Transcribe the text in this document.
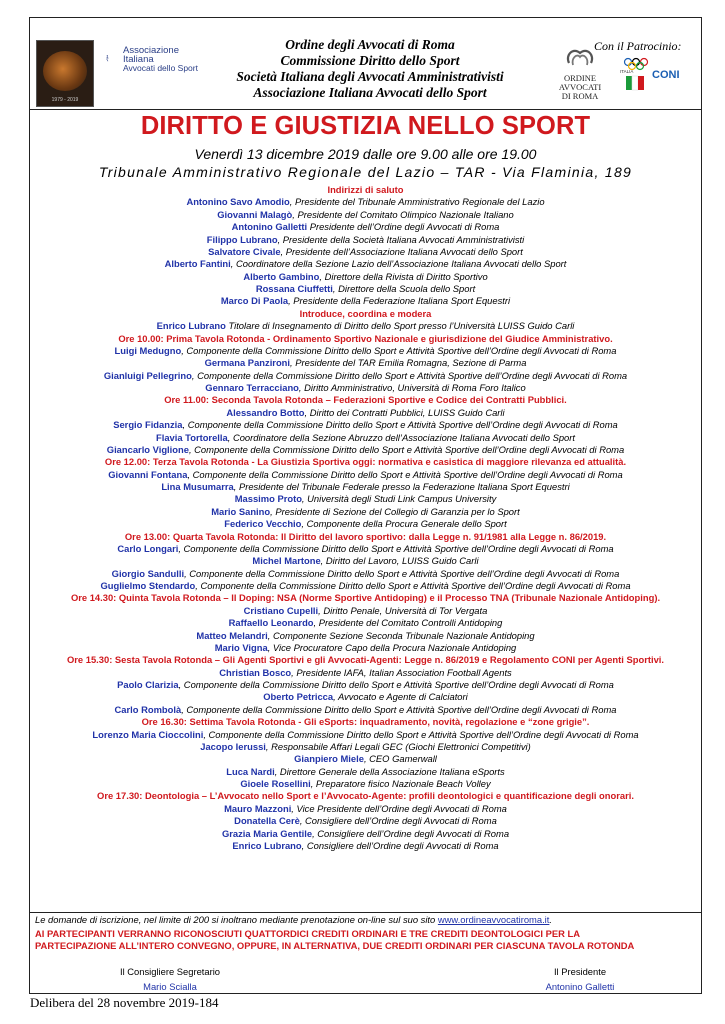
1979 - 2019
Associazione
Italiana
Avvocati dello Sport
Ordine degli Avvocati di Roma
Commissione Diritto dello Sport
Società Italiana degli Avvocati Amministrativisti
Associazione Italiana Avvocati dello Sport
Con il Patrocinio:
ORDINE
AVVOCATI
DI ROMA
ITALIA CONI
DIRITTO E GIUSTIZIA NELLO SPORT
Venerdì 13 dicembre 2019 dalle ore 9.00 alle ore 19.00
Tribunale Amministrativo Regionale del Lazio – TAR - Via Flaminia, 189
Indirizzi di saluto
Antonino Savo Amodio, Presidente del Tribunale Amministrativo Regionale del Lazio
Giovanni Malagò, Presidente del Comitato Olimpico Nazionale Italiano
Antonino Galletti Presidente dell’Ordine degli Avvocati di Roma
Filippo Lubrano, Presidente della Società Italiana Avvocati Amministrativisti
Salvatore Civale, Presidente dell’Associazione Italiana Avvocati dello Sport
Alberto Fantini, Coordinatore della Sezione Lazio dell’Associazione Italiana Avvocati dello Sport
Alberto Gambino, Direttore della Rivista di Diritto Sportivo
Rossana Ciuffetti, Direttore della Scuola dello Sport
Marco Di Paola, Presidente della Federazione Italiana Sport Equestri
Introduce, coordina e modera
Enrico Lubrano Titolare di Insegnamento di Diritto dello Sport presso l’Università LUISS Guido Carli
Ore 10.00: Prima Tavola Rotonda - Ordinamento Sportivo Nazionale e giurisdizione del Giudice Amministrativo.
Luigi Medugno, Componente della Commissione Diritto dello Sport e Attività Sportive dell’Ordine degli Avvocati di Roma
Germana Panzironi, Presidente del TAR Emilia Romagna, Sezione di Parma
Gianluigi Pellegrino, Componente della Commissione Diritto dello Sport e Attività Sportive dell’Ordine degli Avvocati di Roma
Gennaro Terracciano, Diritto Amministrativo, Università di Roma Foro Italico
Ore 11.00: Seconda Tavola Rotonda – Federazioni Sportive e Codice dei Contratti Pubblici.
Alessandro Botto, Diritto dei Contratti Pubblici, LUISS Guido Carli
Sergio Fidanzia, Componente della Commissione Diritto dello Sport e Attività Sportive dell’Ordine degli Avvocati di Roma
Flavia Tortorella, Coordinatore della Sezione Abruzzo dell’Associazione Italiana Avvocati dello Sport
Giancarlo Viglione, Componente della Commissione Diritto dello Sport e Attività Sportive dell’Ordine degli Avvocati di Roma
Ore 12.00: Terza Tavola Rotonda - La Giustizia Sportiva oggi: normativa e casistica di maggiore rilevanza ed attualità.
Giovanni Fontana, Componente della Commissione Diritto dello Sport e Attività Sportive dell’Ordine degli Avvocati di Roma
Lina Musumarra, Presidente del Tribunale Federale presso la Federazione Italiana Sport Equestri
Massimo Proto, Università degli Studi Link Campus University
Mario Sanino, Presidente di Sezione del Collegio di Garanzia per lo Sport
Federico Vecchio, Componente della Procura Generale dello Sport
Ore 13.00: Quarta Tavola Rotonda: Il Diritto del lavoro sportivo: dalla Legge n. 91/1981 alla Legge n. 86/2019.
Carlo Longari, Componente della Commissione Diritto dello Sport e Attività Sportive dell’Ordine degli Avvocati di Roma
Michel Martone, Diritto del Lavoro, LUISS Guido Carli
Giorgio Sandulli, Componente della Commissione Diritto dello Sport e Attività Sportive dell’Ordine degli Avvocati di Roma
Guglielmo Stendardo, Componente della Commissione Diritto dello Sport e Attività Sportive dell’Ordine degli Avvocati di Roma
Ore 14.30: Quinta Tavola Rotonda – Il Doping: NSA (Norme Sportive Antidoping) e il Processo TNA (Tribunale Nazionale Antidoping).
Cristiano Cupelli, Diritto Penale, Università di Tor Vergata
Raffaello Leonardo, Presidente del Comitato Controlli Antidoping
Matteo Melandri, Componente Sezione Seconda Tribunale Nazionale Antidoping
Mario Vigna, Vice Procuratore Capo della Procura Nazionale Antidoping
Ore 15.30: Sesta Tavola Rotonda – Gli Agenti Sportivi e gli Avvocati-Agenti: Legge n. 86/2019 e Regolamento CONI per Agenti Sportivi.
Christian Bosco, Presidente IAFA, Italian Association Football Agents
Paolo Clarizia, Componente della Commissione Diritto dello Sport e Attività Sportive dell’Ordine degli Avvocati di Roma
Oberto Petricca, Avvocato e Agente di Calciatori
Carlo Rombolà, Componente della Commissione Diritto dello Sport e Attività Sportive dell’Ordine degli Avvocati di Roma
Ore 16.30: Settima Tavola Rotonda - Gli eSports: inquadramento, novità, regolazione e “zone grigie”.
Lorenzo Maria Cioccolini, Componente della Commissione Diritto dello Sport e Attività Sportive dell’Ordine degli Avvocati di Roma
Jacopo Ierussi, Responsabile Affari Legali GEC (Giochi Elettronici Competitivi)
Gianpiero Miele, CEO Gamerwall
Luca Nardi, Direttore Generale della Associazione Italiana eSports
Gioele Rosellini, Preparatore fisico Nazionale Beach Volley
Ore 17.30: Deontologia – L’Avvocato nello Sport e l’Avvocato-Agente: profili deontologici e quantificazione degli onorari.
Mauro Mazzoni, Vice Presidente dell’Ordine degli Avvocati di Roma
Donatella Cerè, Consigliere dell’Ordine degli Avvocati di Roma
Grazia Maria Gentile, Consigliere dell’Ordine degli Avvocati di Roma
Enrico Lubrano, Consigliere dell’Ordine degli Avvocati di Roma
Le domande di iscrizione, nel limite di 200 si inoltrano mediante prenotazione on-line sul suo sito www.ordineavvocatiroma.it.
AI PARTECIPANTI VERRANNO RICONOSCIUTI QUATTORDICI CREDITI ORDINARI E TRE CREDITI DEONTOLOGICI PER LA
PARTECIPAZIONE ALL’INTERO CONVEGNO, OPPURE, IN ALTERNATIVA, DUE CREDITI ORDINARI PER CIASCUNA TAVOLA ROTONDA
Il Consigliere Segretario
Mario Scialla
Il Presidente
Antonino Galletti
Delibera del 28 novembre 2019-184
